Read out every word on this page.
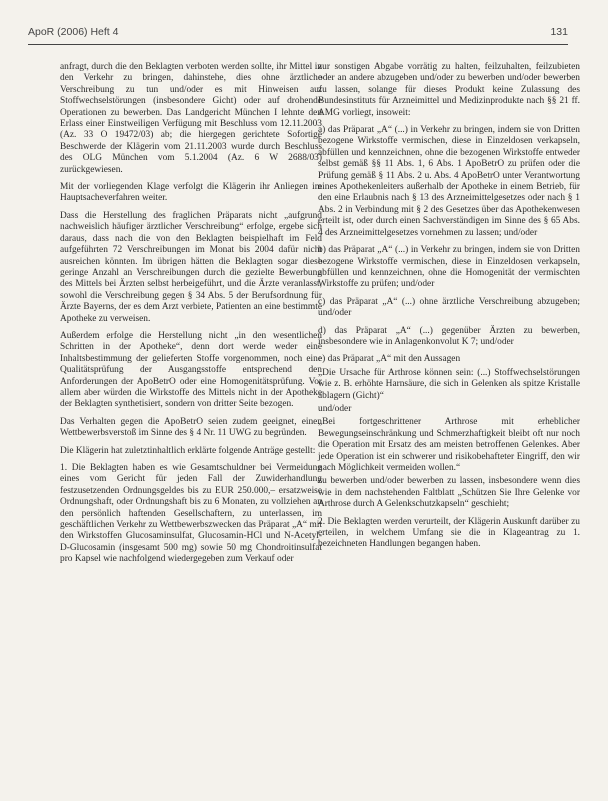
ApoR (2006) Heft 4	131

anfragt, durch die den Beklagten verboten werden sollte, ihr Mittel in den Verkehr zu bringen, dahinstehe, dies ohne ärztliche Verschreibung zu tun und/oder es mit Hinweisen auf Stoffwechselstörungen (insbesondere Gicht) oder auf drohende Operationen zu bewerben. Das Landgericht München I lehnte den Erlass einer Einstweiligen Verfügung mit Beschluss vom 12.11.2003 (Az. 33 O 19472/03) ab; die hiergegen gerichtete Sofortige Beschwerde der Klägerin vom 21.11.2003 wurde durch Beschluss des OLG München vom 5.1.2004 (Az. 6 W 2688/03) zurückgewiesen.

Mit der vorliegenden Klage verfolgt die Klägerin ihr Anliegen im Hauptsacheverfahren weiter.

Dass die Herstellung des fraglichen Präparats nicht „aufgrund nachweislich häufiger ärztlicher Verschreibung“ erfolge, ergebe sich daraus, dass nach die von den Beklagten beispielhaft im Feld aufgeführten 72 Verschreibungen im Monat bis 2004 dafür nicht ausreichen könnten. Im übrigen hätten die Beklagten sogar diese geringe Anzahl an Verschreibungen durch die gezielte Bewerbung des Mittels bei Ärzten selbst herbeigeführt, und die Ärzte veranlasst, sowohl die Verschreibung gegen § 34 Abs. 5 der Berufsordnung für Ärzte Bayerns, der es dem Arzt verbiete, Patienten an eine bestimmte Apotheke zu verweisen.

Außerdem erfolge die Herstellung nicht „in den wesentlichen Schritten in der Apotheke“, denn dort werde weder eine Inhaltsbestimmung der gelieferten Stoffe vorgenommen, noch eine Qualitätsprüfung der Ausgangsstoffe entsprechend den Anforderungen der ApoBetrO oder eine Homogenitätsprüfung. Vor allem aber würden die Wirkstoffe des Mittels nicht in der Apotheke der Beklagten synthetisiert, sondern von dritter Seite bezogen.

Das Verhalten gegen die ApoBetrO seien zudem geeignet, einen Wettbewerbsverstoß im Sinne des § 4 Nr. 11 UWG zu begründen.

Die Klägerin hat zuletztinhaltlich erklärte folgende Anträge gestellt:

1. Die Beklagten haben es wie Gesamtschuldner bei Vermeidung eines vom Gericht für jeden Fall der Zuwiderhandlung festzusetzenden Ordnungsgeldes bis zu EUR 250.000,– ersatzweise Ordnungshaft, oder Ordnungshaft bis zu 6 Monaten, zu vollziehen an den persönlich haftenden Gesellschaftern, zu unterlassen, im geschäftlichen Verkehr zu Wettbewerbszwecken das Präparat „A“ mit den Wirkstoffen Glucosaminsulfat, Glucosamin-HCl und N-Acetyl-D-Glucosamin (insgesamt 500 mg) sowie 50 mg Chondroitinsulfat pro Kapsel wie nachfolgend wiedergegeben zum Verkauf oder

zur sonstigen Abgabe vorrätig zu halten, feilzuhalten, feilzubieten oder an andere abzugeben und/oder zu bewerben und/oder bewerben zu lassen, solange für dieses Produkt keine Zulassung des Bundesinstituts für Arzneimittel und Medizinprodukte nach §§ 21 ff. AMG vorliegt, insoweit:

a) das Präparat „A“ (...) in Verkehr zu bringen, indem sie von Dritten bezogene Wirkstoffe vermischen, diese in Einzeldosen verkapseln, abfüllen und kennzeichnen, ohne die bezogenen Wirkstoffe entweder selbst gemäß §§ 11 Abs. 1, 6 Abs. 1 ApoBetrO zu prüfen oder die Prüfung gemäß § 11 Abs. 2 u. Abs. 4 ApoBetrO unter Verantwortung eines Apothekenleiters außerhalb der Apotheke in einem Betrieb, für den eine Erlaubnis nach § 13 des Arzneimittelgesetzes oder nach § 1 Abs. 2 in Verbindung mit § 2 des Gesetzes über das Apothekenwesen erteilt ist, oder durch einen Sachverständigen im Sinne des § 65 Abs. 4 des Arzneimittelgesetzes vornehmen zu lassen; und/oder

b) das Präparat „A“ (...) in Verkehr zu bringen, indem sie von Dritten bezogene Wirkstoffe vermischen, diese in Einzeldosen verkapseln, abfüllen und kennzeichnen, ohne die Homogenität der vermischten Wirkstoffe zu prüfen; und/oder

c) das Präparat „A“ (...) ohne ärztliche Verschreibung abzugeben; und/oder

d) das Präparat „A“ (...) gegenüber Ärzten zu bewerben, insbesondere wie in Anlagenkonvolut K 7; und/oder

e) das Präparat „A“ mit den Aussagen

„Die Ursache für Arthrose können sein: (...) Stoffwechselstörungen wie z. B. erhöhte Harnsäure, die sich in Gelenken als spitze Kristalle ablagern (Gicht)“

und/oder

„Bei fortgeschrittener Arthrose mit erheblicher Bewegungseinschränkung und Schmerzhaftigkeit bleibt oft nur noch die Operation mit Ersatz des am meisten betroffenen Gelenkes. Aber jede Operation ist ein schwerer und risikobehafteter Eingriff, den wir nach Möglichkeit vermeiden wollen.“

zu bewerben und/oder bewerben zu lassen, insbesondere wenn dies wie in dem nachstehenden Faltblatt „Schützen Sie Ihre Gelenke vor Arthrose durch A Gelenkschutzkapseln“ geschieht;

2. Die Beklagten werden verurteilt, der Klägerin Auskunft darüber zu erteilen, in welchem Umfang sie die in Klageantrag zu 1. bezeichneten Handlungen begangen haben.
